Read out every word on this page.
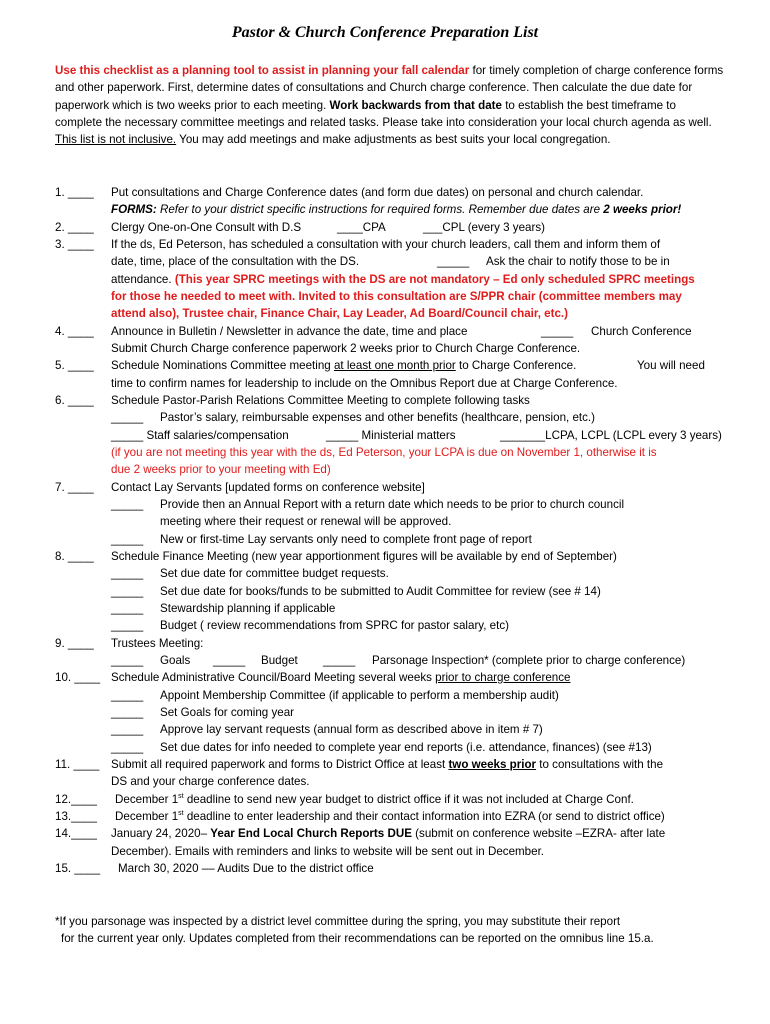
Pastor & Church Conference Preparation List
Use this checklist as a planning tool to assist in planning your fall calendar for timely completion of charge conference forms and other paperwork. First, determine dates of consultations and Church charge conference. Then calculate the due date for paperwork which is two weeks prior to each meeting. Work backwards from that date to establish the best timeframe to complete the necessary committee meetings and related tasks. Please take into consideration your local church agenda as well. This list is not inclusive. You may add meetings and make adjustments as best suits your local congregation.
1. ____ Put consultations and Charge Conference dates (and form due dates) on personal and church calendar.
FORMS: Refer to your district specific instructions for required forms. Remember due dates are 2 weeks prior!
2. ____ Clergy One-on-One Consult with D.S	____CPA	___CPL (every 3 years)
3. ____ If the ds, Ed Peterson, has scheduled a consultation with your church leaders, call them and inform them of
date, time, place of the consultation with the DS.	_____ Ask the chair to notify those to be in
attendance. (This year SPRC meetings with the DS are not mandatory – Ed only scheduled SPRC meetings
for those he needed to meet with. Invited to this consultation are S/PPR chair (committee members may
attend also), Trustee chair, Finance Chair, Lay Leader, Ad Board/Council chair, etc.)
4. ____ Announce in Bulletin / Newsletter in advance the date, time and place	_____ Church Conference
Submit Church Charge conference paperwork 2 weeks prior to Church Charge Conference.
5. ____ Schedule Nominations Committee meeting at least one month prior to Charge Conference.	You will need
time to confirm names for leadership to include on the Omnibus Report due at Charge Conference.
6. ____ Schedule Pastor-Parish Relations Committee Meeting to complete following tasks
_____ Pastor’s salary, reimbursable expenses and other benefits (healthcare, pension, etc.)
_____ Staff salaries/compensation	_____ Ministerial matters	_______LCPA, LCPL (LCPL every 3 years)
(if you are not meeting this year with the ds, Ed Peterson, your LCPA is due on November 1, otherwise it is
due 2 weeks prior to your meeting with Ed)
7. ____ Contact Lay Servants [updated forms on conference website]
_____ Provide then an Annual Report with a return date which needs to be prior to church council
meeting where their request or renewal will be approved.
_____ New or first-time Lay servants only need to complete front page of report
8. ____ Schedule Finance Meeting (new year apportionment figures will be available by end of September)
_____ Set due date for committee budget requests.
_____ Set due date for books/funds to be submitted to Audit Committee for review (see # 14)
_____ Stewardship planning if applicable
_____ Budget ( review recommendations from SPRC for pastor salary, etc)
9. ____ Trustees Meeting:
_____ Goals _____ Budget _____ Parsonage Inspection* (complete prior to charge conference)
10. ____ Schedule Administrative Council/Board Meeting several weeks prior to charge conference
_____ Appoint Membership Committee (if applicable to perform a membership audit)
_____ Set Goals for coming year
_____ Approve lay servant requests (annual form as described above in item # 7)
_____ Set due dates for info needed to complete year end reports (i.e. attendance, finances) (see #13)
11. ____ Submit all required paperwork and forms to District Office at least two weeks prior to consultations with the
DS and your charge conference dates.
12.____ December 1st deadline to send new year budget to district office if it was not included at Charge Conf.
13.____ December 1st deadline to enter leadership and their contact information into EZRA (or send to district office)
14.____ January 24, 2020– Year End Local Church Reports DUE (submit on conference website –EZRA- after late
December). Emails with reminders and links to website will be sent out in December.
15. ____ March 30, 2020 –– Audits Due to the district office
*If you parsonage was inspected by a district level committee during the spring, you may substitute their report
for the current year only. Updates completed from their recommendations can be reported on the omnibus line 15.a.
